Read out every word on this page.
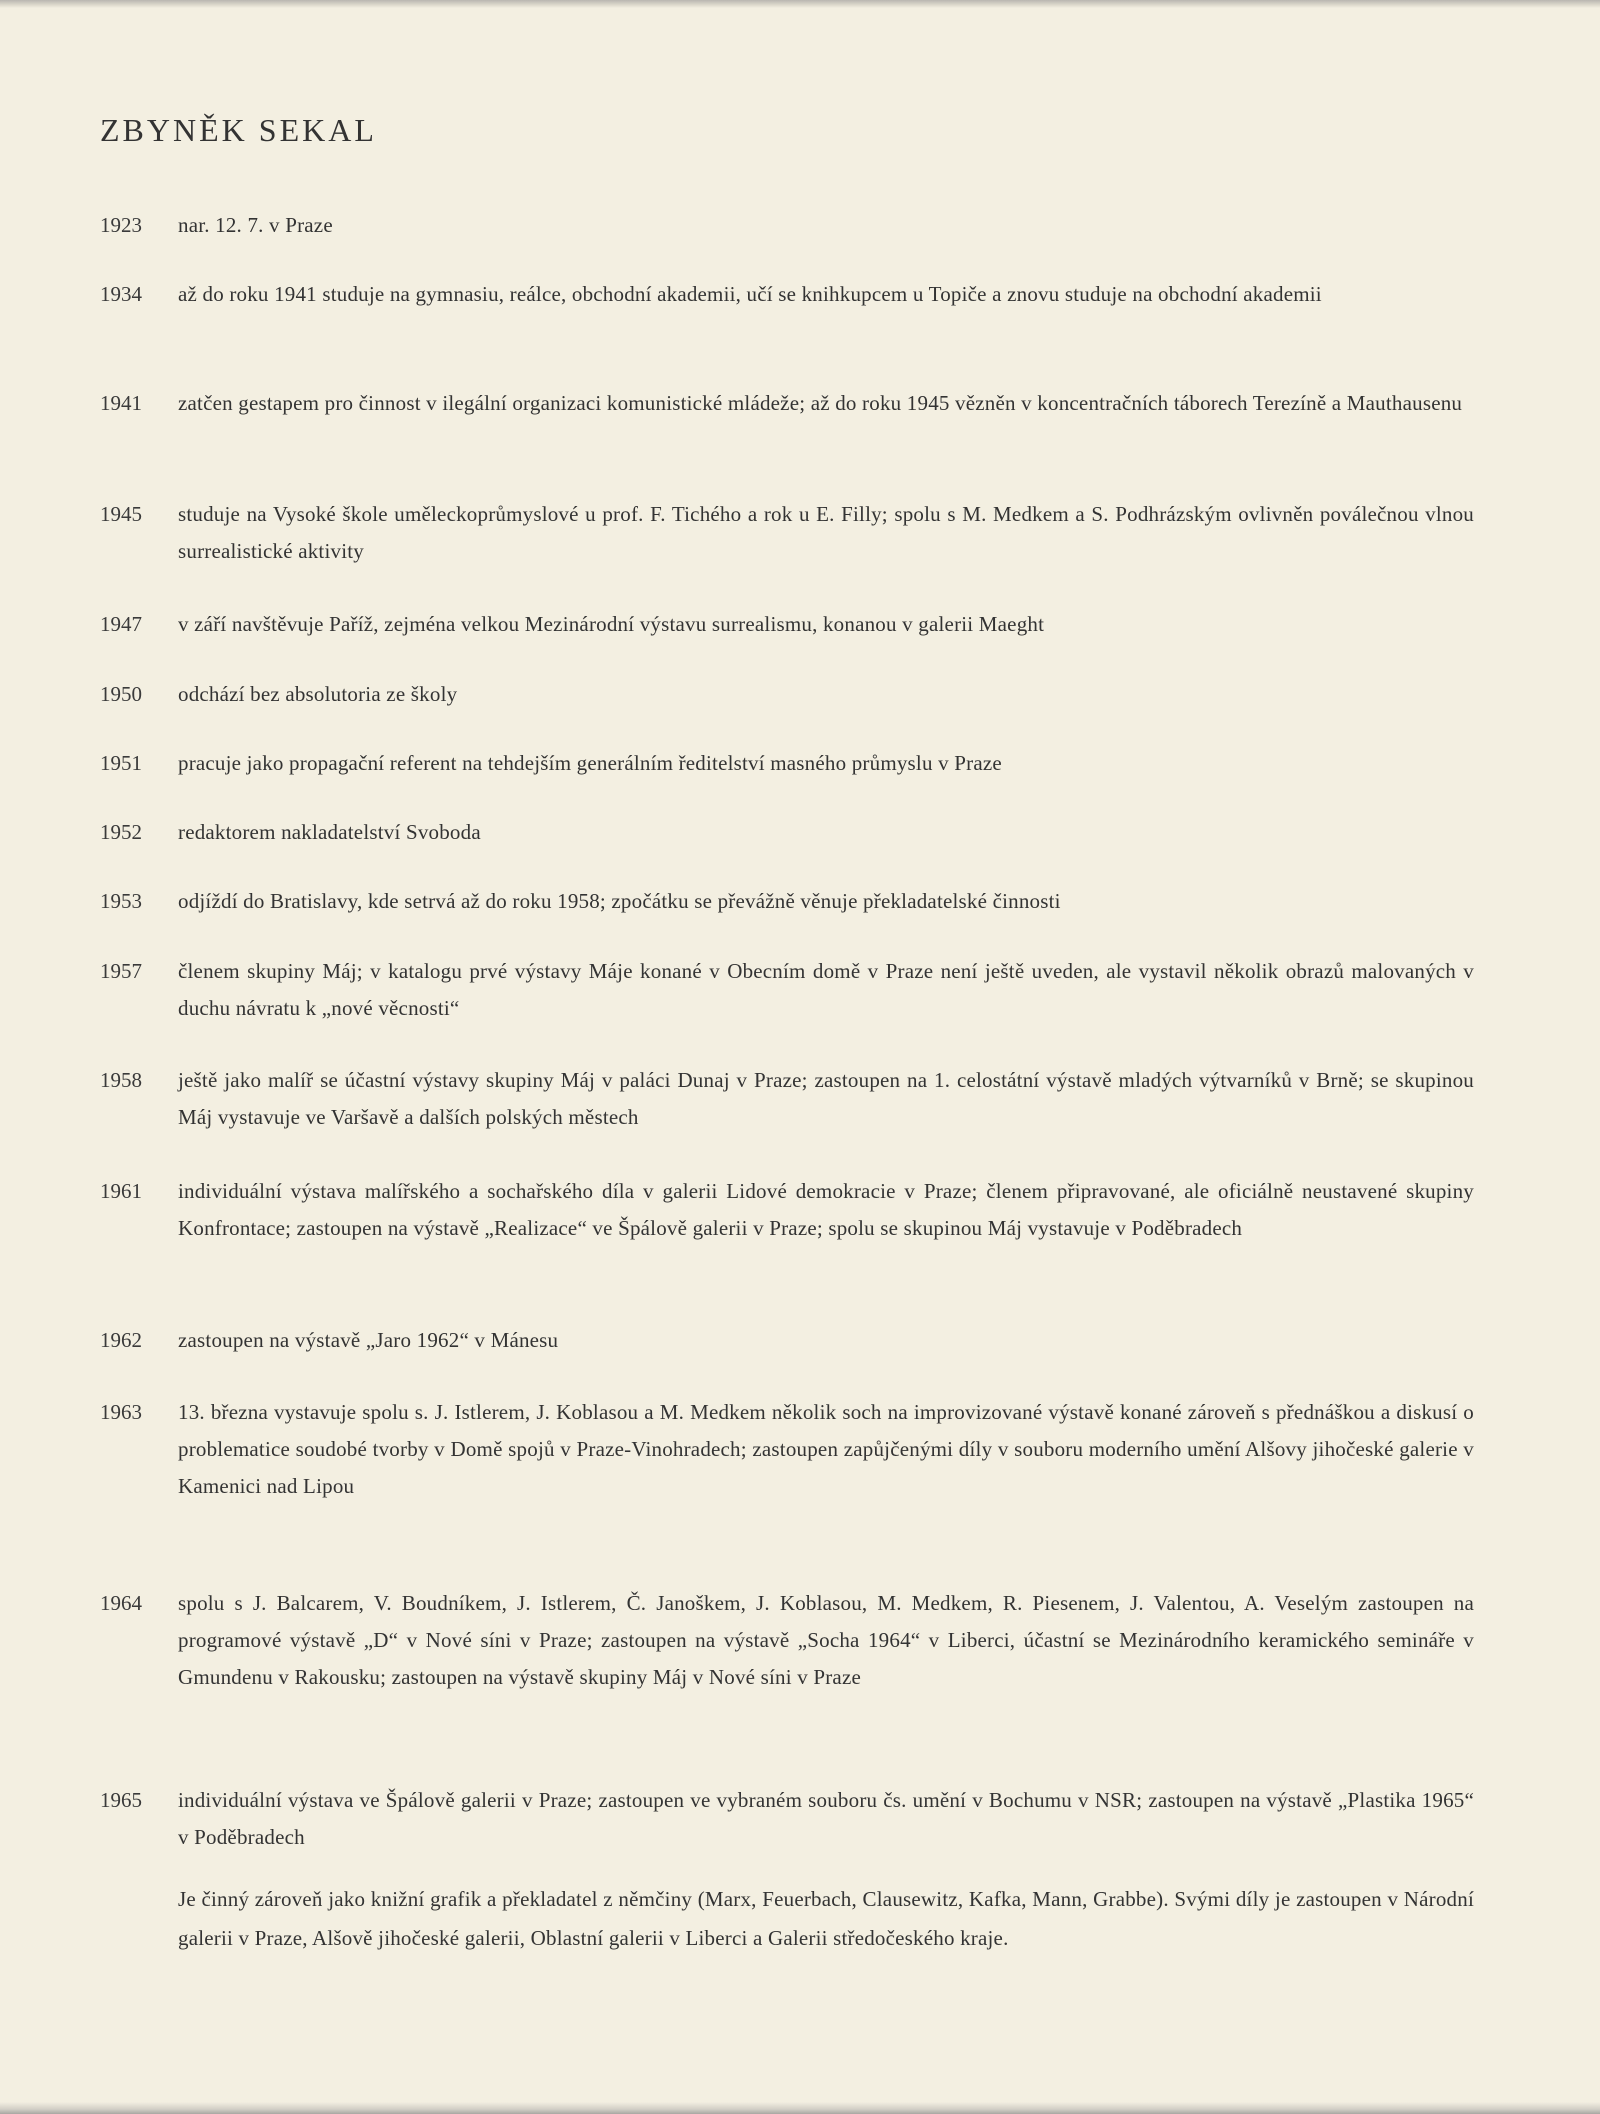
ZBYNĚK SEKAL
1923	nar. 12. 7. v Praze
1934	až do roku 1941 studuje na gymnasiu, reálce, obchodní akademii, učí se knihkupcem u Topiče a znovu studuje na obchodní akademii
1941	zatčen gestapem pro činnost v ilegální organizaci komunistické mládeže; až do roku 1945 vězněn v koncentračních táborech Terezíně a Mauthausenu
1945	studuje na Vysoké škole uměleckoprůmyslové u prof. F. Tichého a rok u E. Filly; spolu s M. Medkem a S. Podhrázským ovlivněn poválečnou vlnou surrealistické aktivity
1947	v září navštěvuje Paříž, zejména velkou Mezinárodní výstavu surrealismu, konanou v galerii Maeght
1950	odchází bez absolutoria ze školy
1951	pracuje jako propagační referent na tehdejším generálním ředitelství masného průmyslu v Praze
1952	redaktorem nakladatelství Svoboda
1953	odjíždí do Bratislavy, kde setrvá až do roku 1958; zpočátku se převážně věnuje překladatelské činnosti
1957	členem skupiny Máj; v katalogu prvé výstavy Máje konané v Obecním domě v Praze není ještě uveden, ale vystavil několik obrazů malovaných v duchu návratu k „nové věcnosti“
1958	ještě jako malíř se účastní výstavy skupiny Máj v paláci Dunaj v Praze; zastoupen na 1. celostátní výstavě mladých výtvarníků v Brně; se skupinou Máj vystavuje ve Varšavě a dalších polských městech
1961	individuální výstava malířského a sochařského díla v galerii Lidové demokracie v Praze; členem připravované, ale oficiálně neustavené skupiny Konfrontace; zastoupen na výstavě „Realizace“ ve Špálově galerii v Praze; spolu se skupinou Máj vystavuje v Poděbradech
1962	zastoupen na výstavě „Jaro 1962“ v Mánesu
1963	13. března vystavuje spolu s. J. Istlerem, J. Koblasou a M. Medkem několik soch na improvizované výstavě konané zároveň s přednáškou a diskusí o problematice soudobé tvorby v Domě spojů v Praze-Vinohradech; zastoupen zapůjčenými díly v souboru moderního umění Alšovy jihočeské galerie v Kamenici nad Lipou
1964	spolu s J. Balcarem, V. Boudníkem, J. Istlerem, Č. Janoškem, J. Koblasou, M. Medkem, R. Piesenem, J. Valentou, A. Veselým zastoupen na programové výstavě „D“ v Nové síni v Praze; zastoupen na výstavě „Socha 1964“ v Liberci, účastní se Mezinárodního keramického semináře v Gmundenu v Rakousku; zastoupen na výstavě skupiny Máj v Nové síni v Praze
1965	individuální výstava ve Špálově galerii v Praze; zastoupen ve vybraném souboru čs. umění v Bochumu v NSR; zastoupen na výstavě „Plastika 1965“ v Poděbradech
Je činný zároveň jako knižní grafik a překladatel z němčiny (Marx, Feuerbach, Clausewitz, Kafka, Mann, Grabbe). Svými díly je zastoupen v Národní galerii v Praze, Alšově jihočeské galerii, Oblastní galerii v Liberci a Galerii středočeského kraje.
